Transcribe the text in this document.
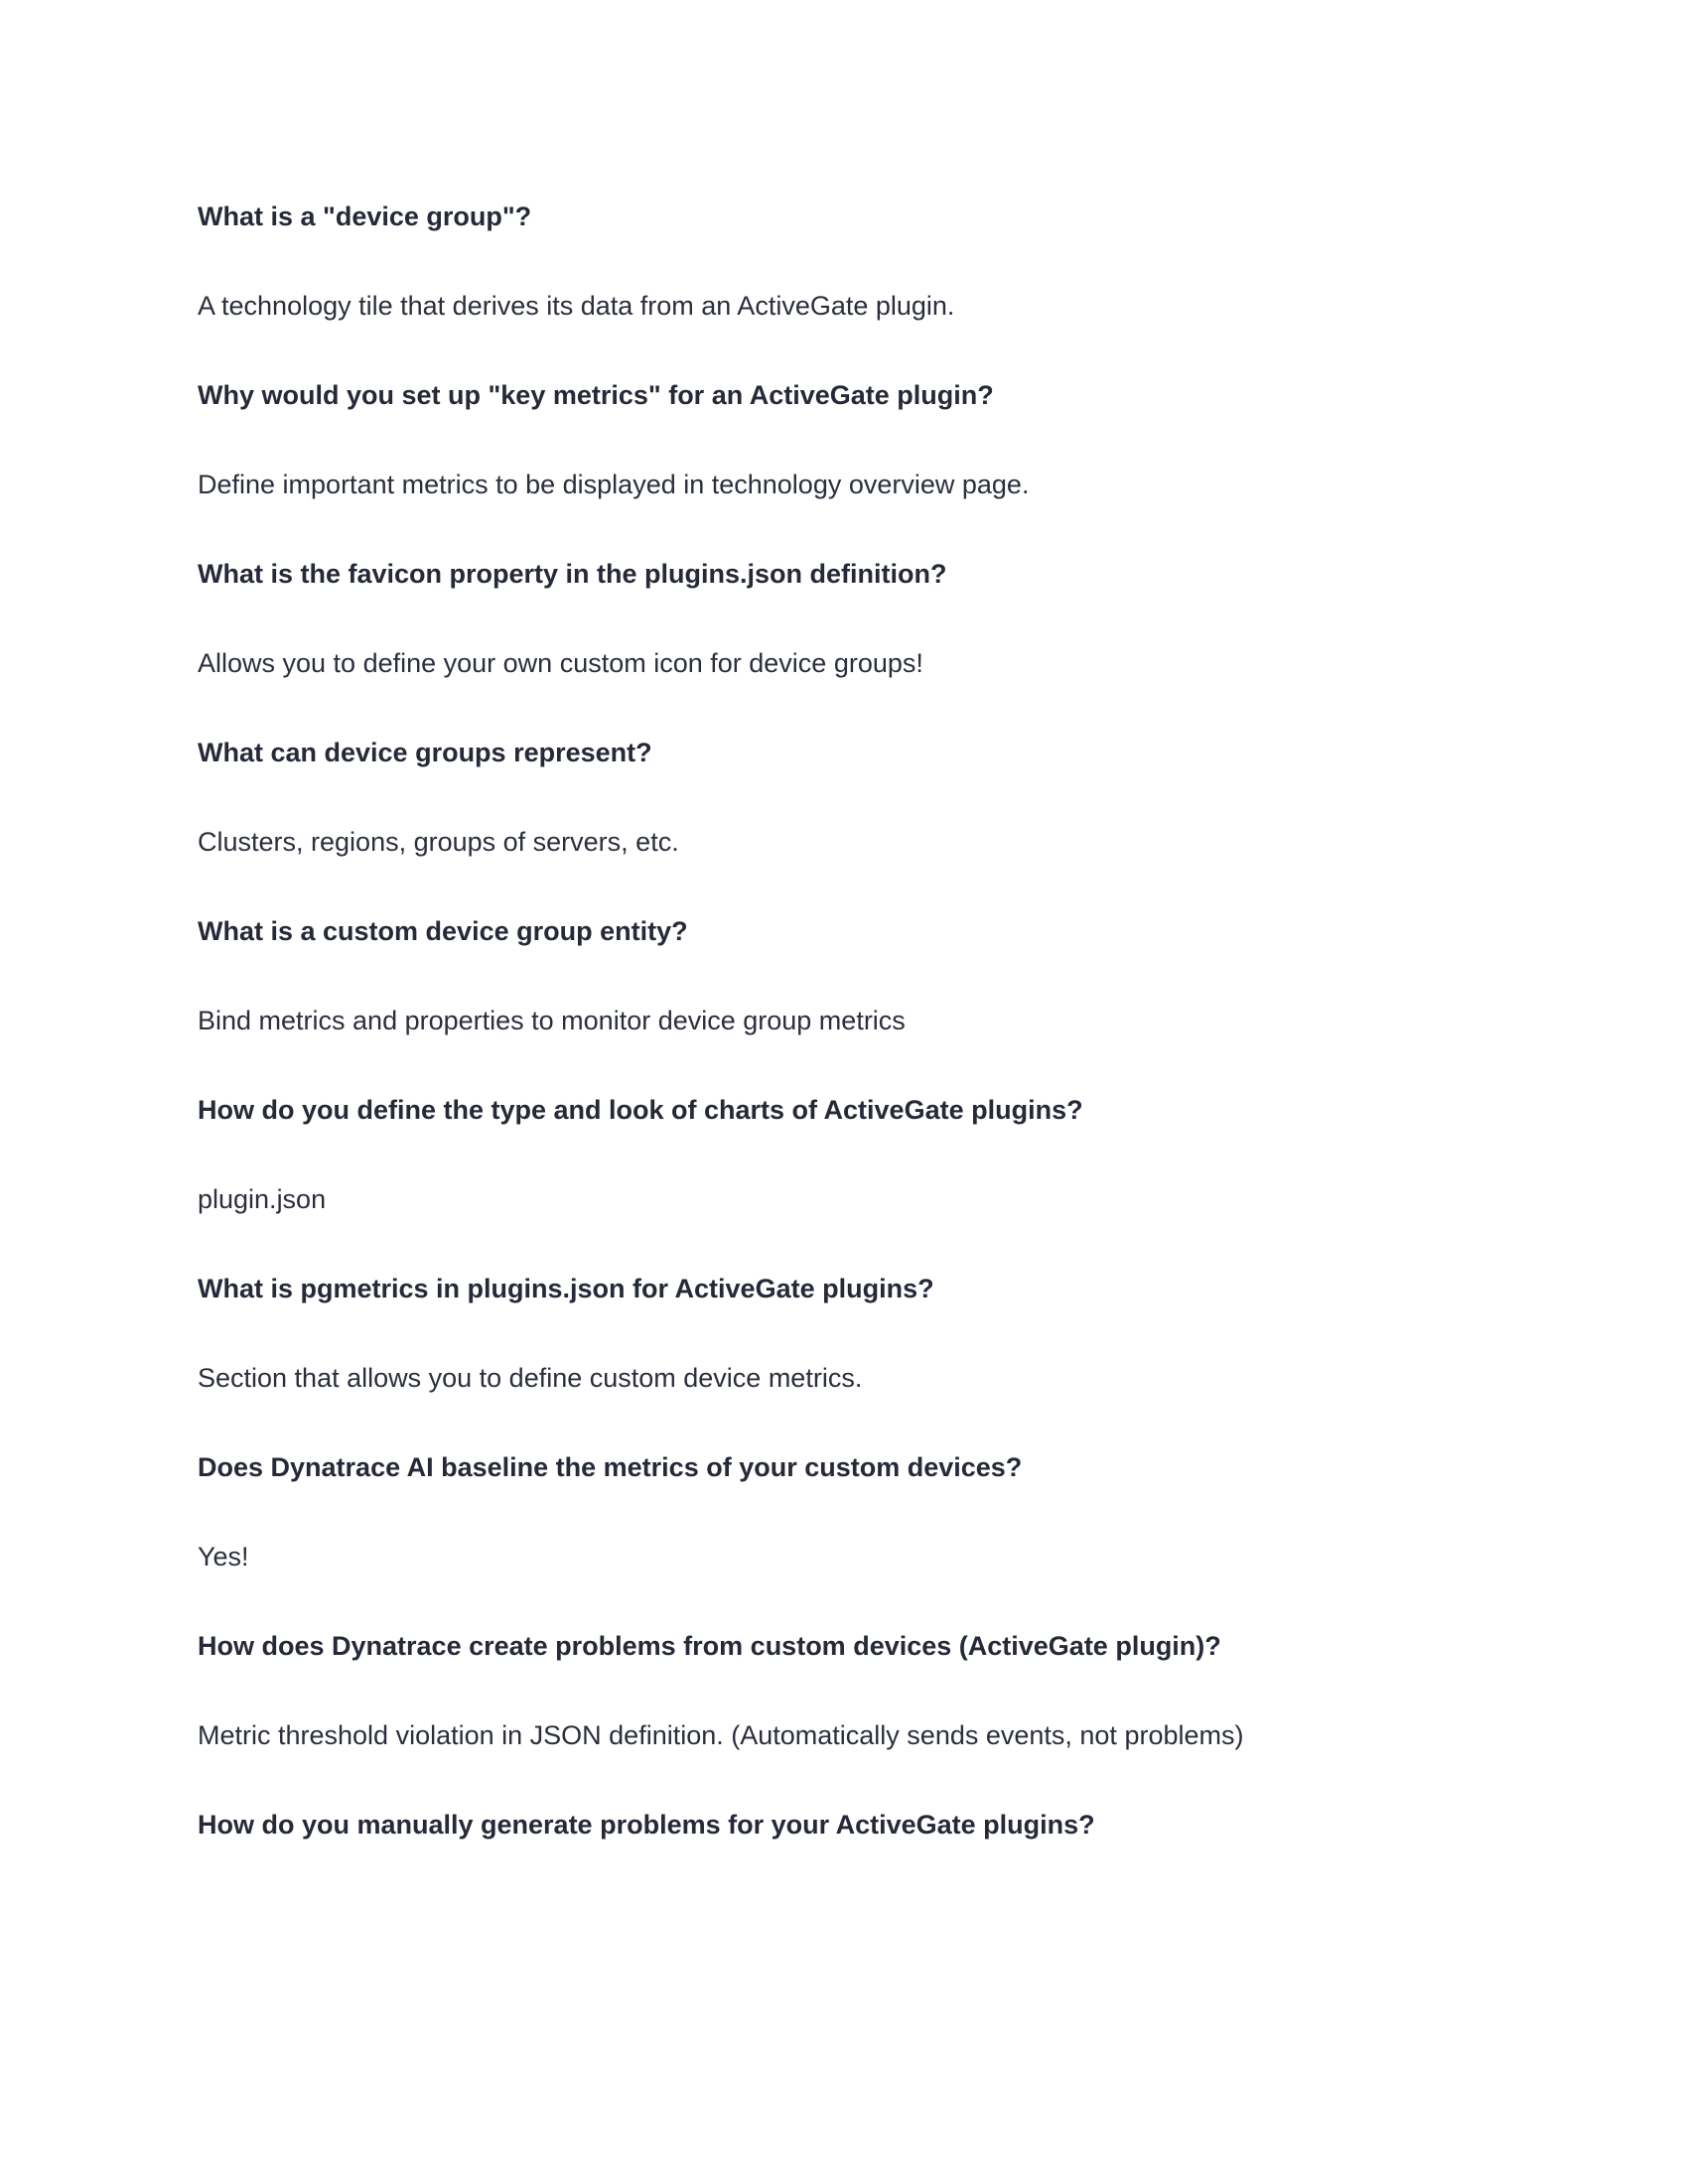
What is a "device group"?

A technology tile that derives its data from an ActiveGate plugin.

Why would you set up "key metrics" for an ActiveGate plugin?

Define important metrics to be displayed in technology overview page.

What is the favicon property in the plugins.json definition?

Allows you to define your own custom icon for device groups!

What can device groups represent?

Clusters, regions, groups of servers, etc.

What is a custom device group entity?

Bind metrics and properties to monitor device group metrics

How do you define the type and look of charts of ActiveGate plugins?

plugin.json

What is pgmetrics in plugins.json for ActiveGate plugins?

Section that allows you to define custom device metrics.

Does Dynatrace AI baseline the metrics of your custom devices?

Yes!

How does Dynatrace create problems from custom devices (ActiveGate plugin)?

Metric threshold violation in JSON definition. (Automatically sends events, not problems)

How do you manually generate problems for your ActiveGate plugins?
